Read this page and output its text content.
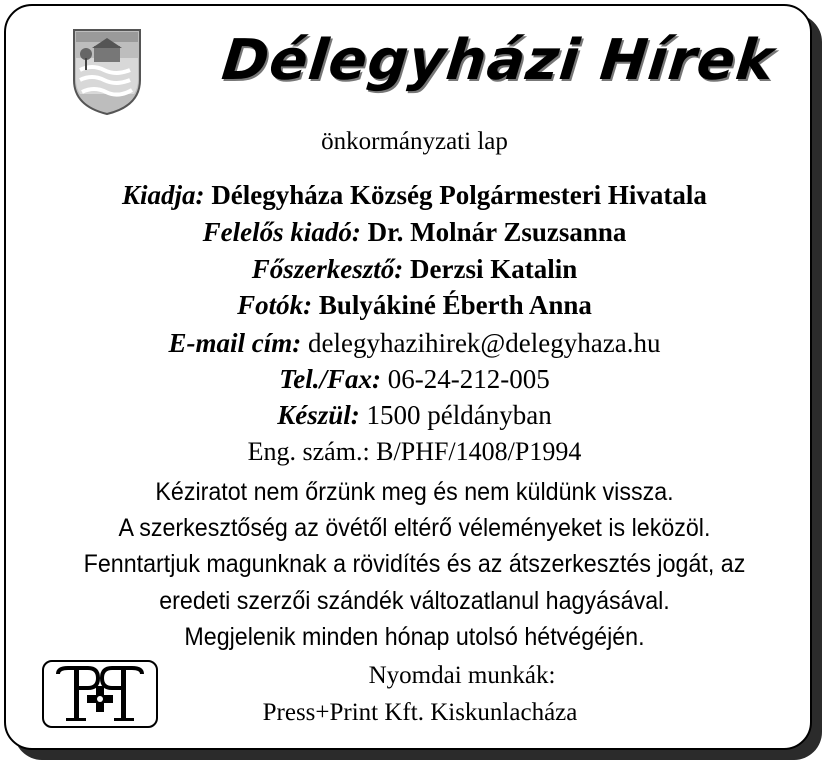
Délegyházi Hírek
önkormányzati lap
Kiadja: Délegyháza Község Polgármesteri Hivatala
Felelős kiadó: Dr. Molnár Zsuzsanna
Főszerkesztő: Derzsi Katalin
Fotók: Bulyákiné Éberth Anna
E-mail cím: delegyhazihirek@delegyhaza.hu
Tel./Fax: 06-24-212-005
Készül: 1500 példányban
Eng. szám.: B/PHF/1408/P1994
Kéziratot nem őrzünk meg és nem küldünk vissza.
A szerkesztőség az övétől eltérő véleményeket is leközöl.
Fenntartjuk magunknak a rövidítés és az átszerkesztés jogát, az
eredeti szerzői szándék változatlanul hagyásával.
Megjelenik minden hónap utolsó hétvégéjén.
Nyomdai munkák:
Press+Print Kft. Kiskunlacháza
